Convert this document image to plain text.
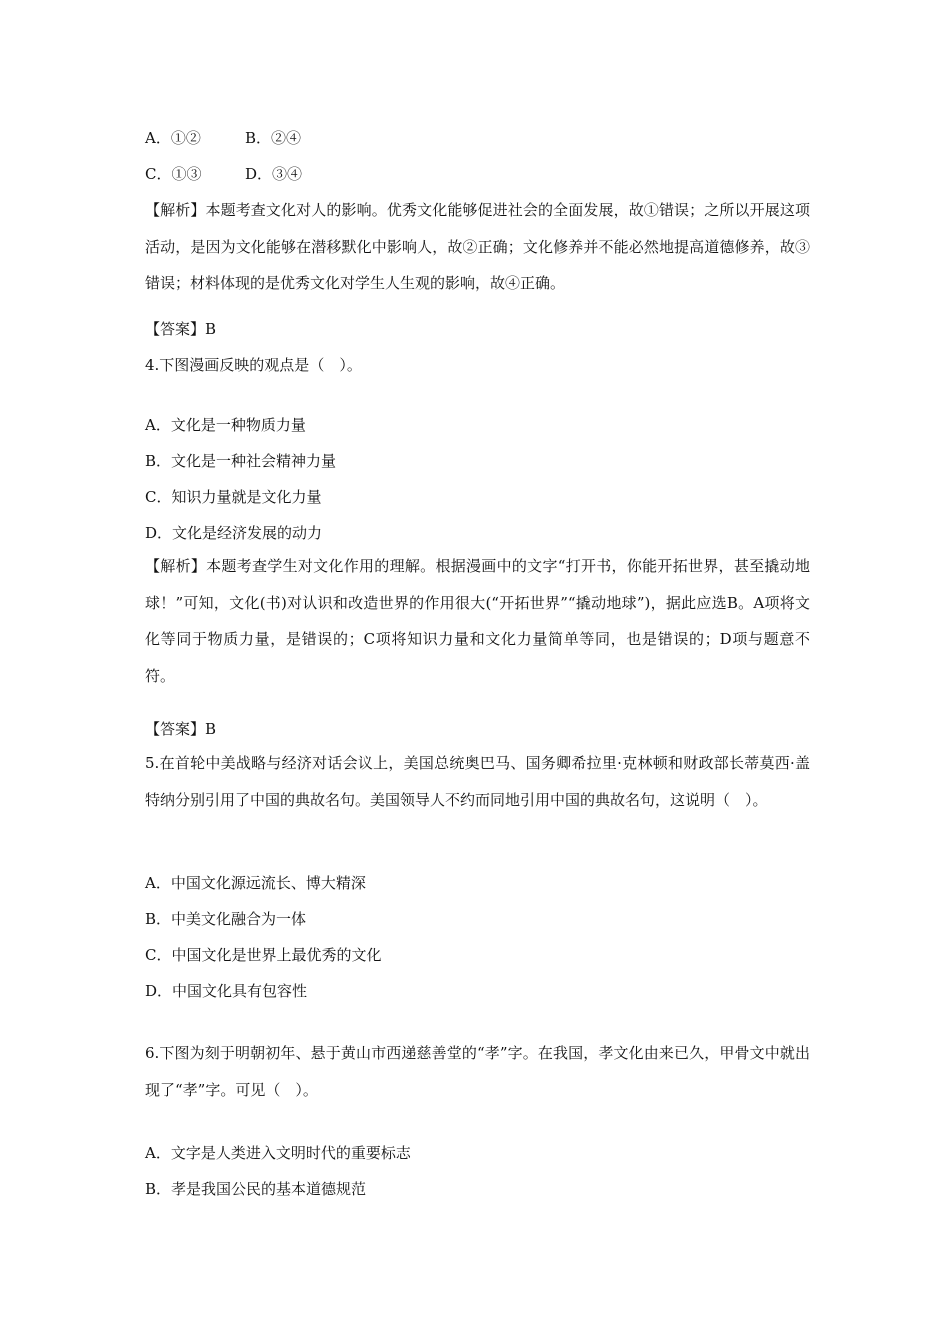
A．①②	B．②④
C．①③	D．③④
【解析】本题考查文化对人的影响。优秀文化能够促进社会的全面发展，故①错误；之所以开展这项活动，是因为文化能够在潜移默化中影响人，故②正确；文化修养并不能必然地提高道德修养，故③错误；材料体现的是优秀文化对学生人生观的影响，故④正确。
【答案】B
4.下图漫画反映的观点是（　）。
A．文化是一种物质力量
B．文化是一种社会精神力量
C．知识力量就是文化力量
D．文化是经济发展的动力
【解析】本题考查学生对文化作用的理解。根据漫画中的文字“打开书，你能开拓世界，甚至撬动地球！”可知，文化(书)对认识和改造世界的作用很大(“开拓世界”“撬动地球”)，据此应选B。A项将文化等同于物质力量，是错误的；C项将知识力量和文化力量简单等同，也是错误的；D项与题意不符。
【答案】B
5.在首轮中美战略与经济对话会议上，美国总统奥巴马、国务卿希拉里·克林顿和财政部长蒂莫西·盖特纳分别引用了中国的典故名句。美国领导人不约而同地引用中国的典故名句，这说明（　）。
A．中国文化源远流长、博大精深
B．中美文化融合为一体
C．中国文化是世界上最优秀的文化
D．中国文化具有包容性
6.下图为刻于明朝初年、悬于黄山市西递慈善堂的“孝”字。在我国，孝文化由来已久，甲骨文中就出现了“孝”字。可见（　）。
A．文字是人类进入文明时代的重要标志
B．孝是我国公民的基本道德规范
